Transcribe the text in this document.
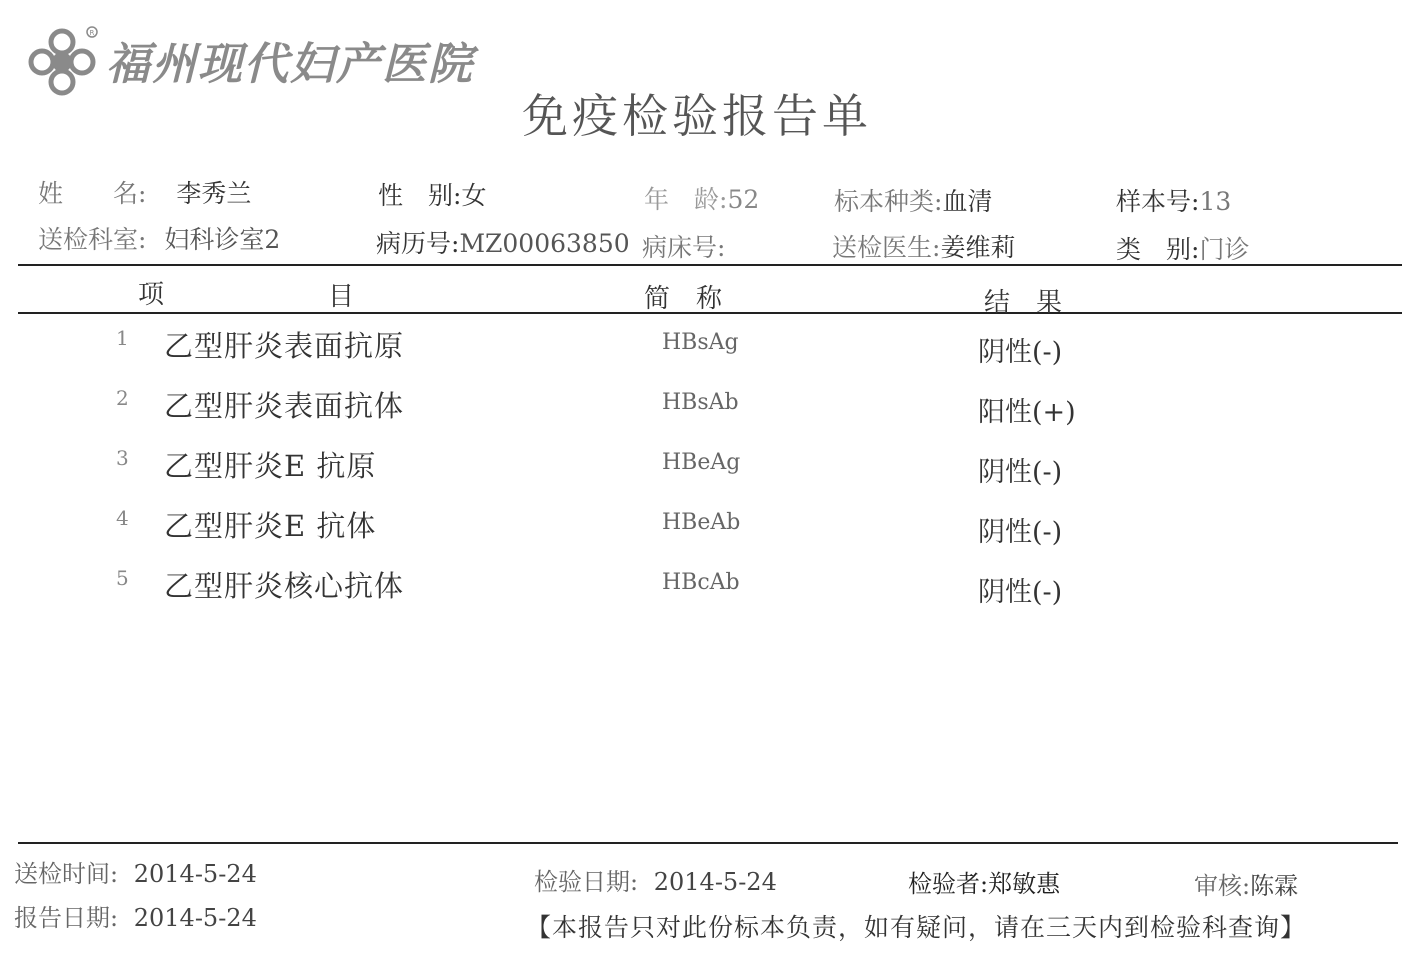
R
福州现代妇产医院
免疫检验报告单
姓　　名: 李秀兰	性　别:女	年　龄:52	标本种类:血清	样本号:13
送检科室: 妇科诊室2	病历号:MZ00063850 病床号:	送检医生:姜维莉	类　别:门诊
项	目	简　称	结　果
1 乙型肝炎表面抗原	HBsAg	阴性(-)
2 乙型肝炎表面抗体	HBsAb	阳性(+)
3 乙型肝炎E 抗原	HBeAg	阴性(-)
4 乙型肝炎E 抗体	HBeAb	阴性(-)
5 乙型肝炎核心抗体	HBcAb	阴性(-)
送检时间: 2014-5-24
报告日期: 2014-5-24
检验日期: 2014-5-24	检验者:郑敏惠	审核:陈霖
【本报告只对此份标本负责，如有疑问，请在三天内到检验科查询】
